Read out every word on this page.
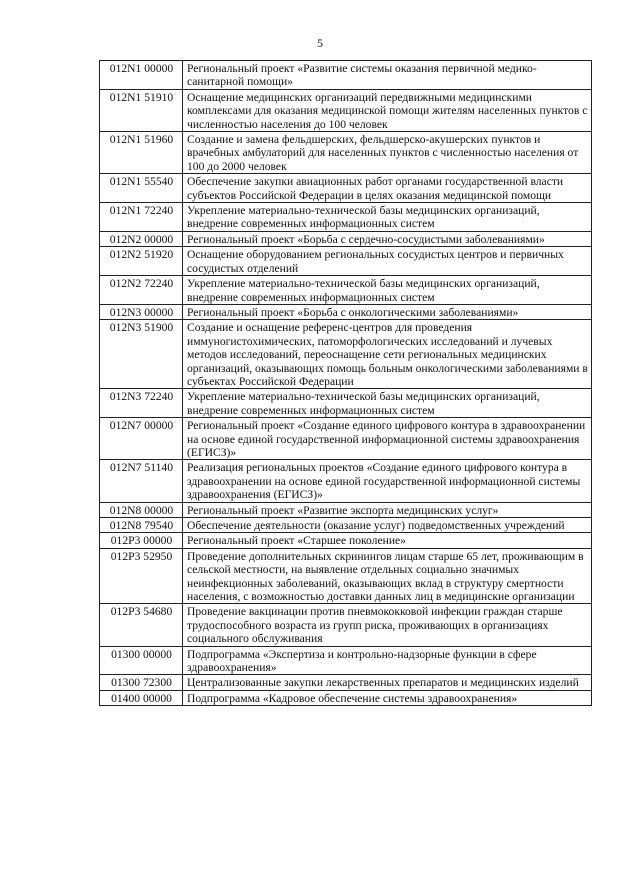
5
012N1 00000	Региональный проект «Развитие системы оказания первичной медико-санитарной помощи»
012N1 51910	Оснащение медицинских организаций передвижными медицинскими комплексами для оказания медицинской помощи жителям населенных пунктов с численностью населения до 100 человек
012N1 51960	Создание и замена фельдшерских, фельдшерско-акушерских пунктов и врачебных амбулаторий для населенных пунктов с численностью населения от 100 до 2000 человек
012N1 55540	Обеспечение закупки авиационных работ органами государственной власти субъектов Российской Федерации в целях оказания медицинской помощи
012N1 72240	Укрепление материально-технической базы медицинских организаций, внедрение современных информационных систем
012N2 00000	Региональный проект «Борьба с сердечно-сосудистыми заболеваниями»
012N2 51920	Оснащение оборудованием региональных сосудистых центров и первичных сосудистых отделений
012N2 72240	Укрепление материально-технической базы медицинских организаций, внедрение современных информационных систем
012N3 00000	Региональный проект «Борьба с онкологическими заболеваниями»
012N3 51900	Создание и оснащение референс-центров для проведения иммуногистохимических, патоморфологических исследований и лучевых методов исследований, переоснащение сети региональных медицинских организаций, оказывающих помощь больным онкологическими заболеваниями в субъектах Российской Федерации
012N3 72240	Укрепление материально-технической базы медицинских организаций, внедрение современных информационных систем
012N7 00000	Региональный проект «Создание единого цифрового контура в здравоохранении на основе единой государственной информационной системы здравоохранения (ЕГИСЗ)»
012N7 51140	Реализация региональных проектов «Создание единого цифрового контура в здравоохранении на основе единой государственной информационной системы здравоохранения (ЕГИСЗ)»
012N8 00000	Региональный проект «Развитие экспорта медицинских услуг»
012N8 79540	Обеспечение деятельности (оказание услуг) подведомственных учреждений
012P3 00000	Региональный проект «Старшее поколение»
012P3 52950	Проведение дополнительных скринингов лицам старше 65 лет, проживающим в сельской местности, на выявление отдельных социально значимых неинфекционных заболеваний, оказывающих вклад в структуру смертности населения, с возможностью доставки данных лиц в медицинские организации
012P3 54680	Проведение вакцинации против пневмококковой инфекции граждан старше трудоспособного возраста из групп риска, проживающих в организациях социального обслуживания
01300 00000	Подпрограмма «Экспертиза и контрольно-надзорные функции в сфере здравоохранения»
01300 72300	Централизованные закупки лекарственных препаратов и медицинских изделий
01400 00000	Подпрограмма «Кадровое обеспечение системы здравоохранения»
